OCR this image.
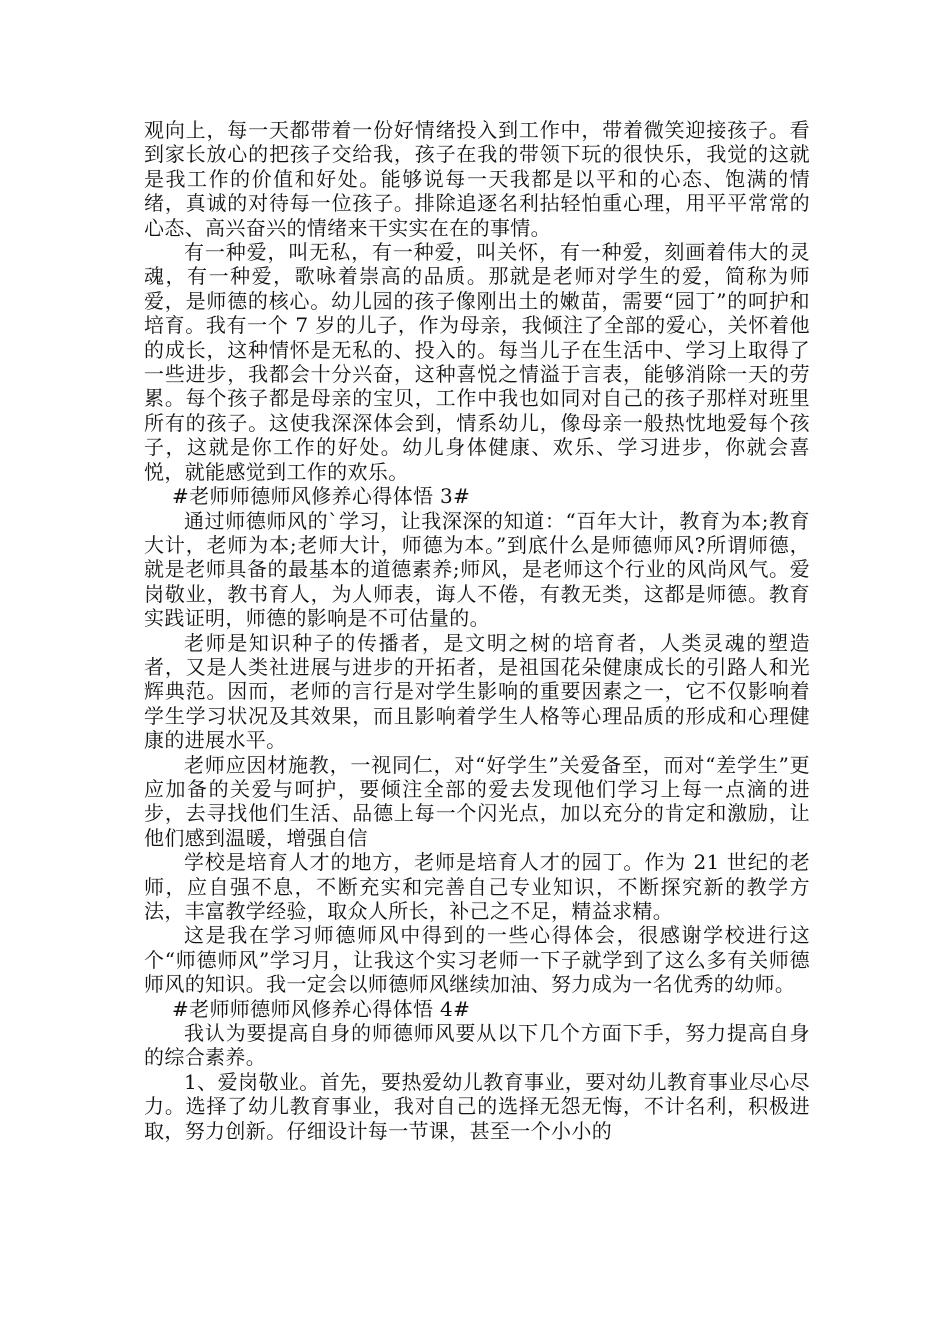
观向上，每一天都带着一份好情绪投入到工作中，带着微笑迎接孩子。看到家长放心的把孩子交给我，孩子在我的带领下玩的很快乐，我觉的这就是我工作的价值和好处。能够说每一天我都是以平和的心态、饱满的情绪，真诚的对待每一位孩子。排除追逐名利拈轻怕重心理，用平平常常的心态、高兴奋兴的情绪来干实实在在的事情。

有一种爱，叫无私，有一种爱，叫关怀，有一种爱，刻画着伟大的灵魂，有一种爱，歌咏着崇高的品质。那就是老师对学生的爱，简称为师爱，是师德的核心。幼儿园的孩子像刚出土的嫩苗，需要“园丁”的呵护和培育。我有一个 7 岁的儿子，作为母亲，我倾注了全部的爱心，关怀着他的成长，这种情怀是无私的、投入的。每当儿子在生活中、学习上取得了一些进步，我都会十分兴奋，这种喜悦之情溢于言表，能够消除一天的劳累。每个孩子都是母亲的宝贝，工作中我也如同对自己的孩子那样对班里所有的孩子。这使我深深体会到，情系幼儿，像母亲一般热忱地爱每个孩子，这就是你工作的好处。幼儿身体健康、欢乐、学习进步，你就会喜悦，就能感觉到工作的欢乐。

#老师师德师风修养心得体悟 3#

通过师德师风的`学习，让我深深的知道：“百年大计，教育为本;教育大计，老师为本;老师大计，师德为本。”到底什么是师德师风?所谓师德，就是老师具备的最基本的道德素养;师风，是老师这个行业的风尚风气。爱岗敬业，教书育人，为人师表，诲人不倦，有教无类，这都是师德。教育实践证明，师德的影响是不可估量的。

老师是知识种子的传播者，是文明之树的培育者，人类灵魂的塑造者，又是人类社进展与进步的开拓者，是祖国花朵健康成长的引路人和光辉典范。因而，老师的言行是对学生影响的重要因素之一，它不仅影响着学生学习状况及其效果，而且影响着学生人格等心理品质的形成和心理健康的进展水平。

老师应因材施教，一视同仁，对“好学生”关爱备至，而对“差学生”更应加备的关爱与呵护，要倾注全部的爱去发现他们学习上每一点滴的进步，去寻找他们生活、品德上每一个闪光点，加以充分的肯定和激励，让他们感到温暖，增强自信

学校是培育人才的地方，老师是培育人才的园丁。作为 21 世纪的老师，应自强不息，不断充实和完善自己专业知识，不断探究新的教学方法，丰富教学经验，取众人所长，补己之不足，精益求精。

这是我在学习师德师风中得到的一些心得体会，很感谢学校进行这个“师德师风”学习月，让我这个实习老师一下子就学到了这么多有关师德师风的知识。我一定会以师德师风继续加油、努力成为一名优秀的幼师。

#老师师德师风修养心得体悟 4#

我认为要提高自身的师德师风要从以下几个方面下手，努力提高自身的综合素养。

1、爱岗敬业。首先，要热爱幼儿教育事业，要对幼儿教育事业尽心尽力。选择了幼儿教育事业，我对自己的选择无怨无悔，不计名利，积极进取，努力创新。仔细设计每一节课，甚至一个小小的
